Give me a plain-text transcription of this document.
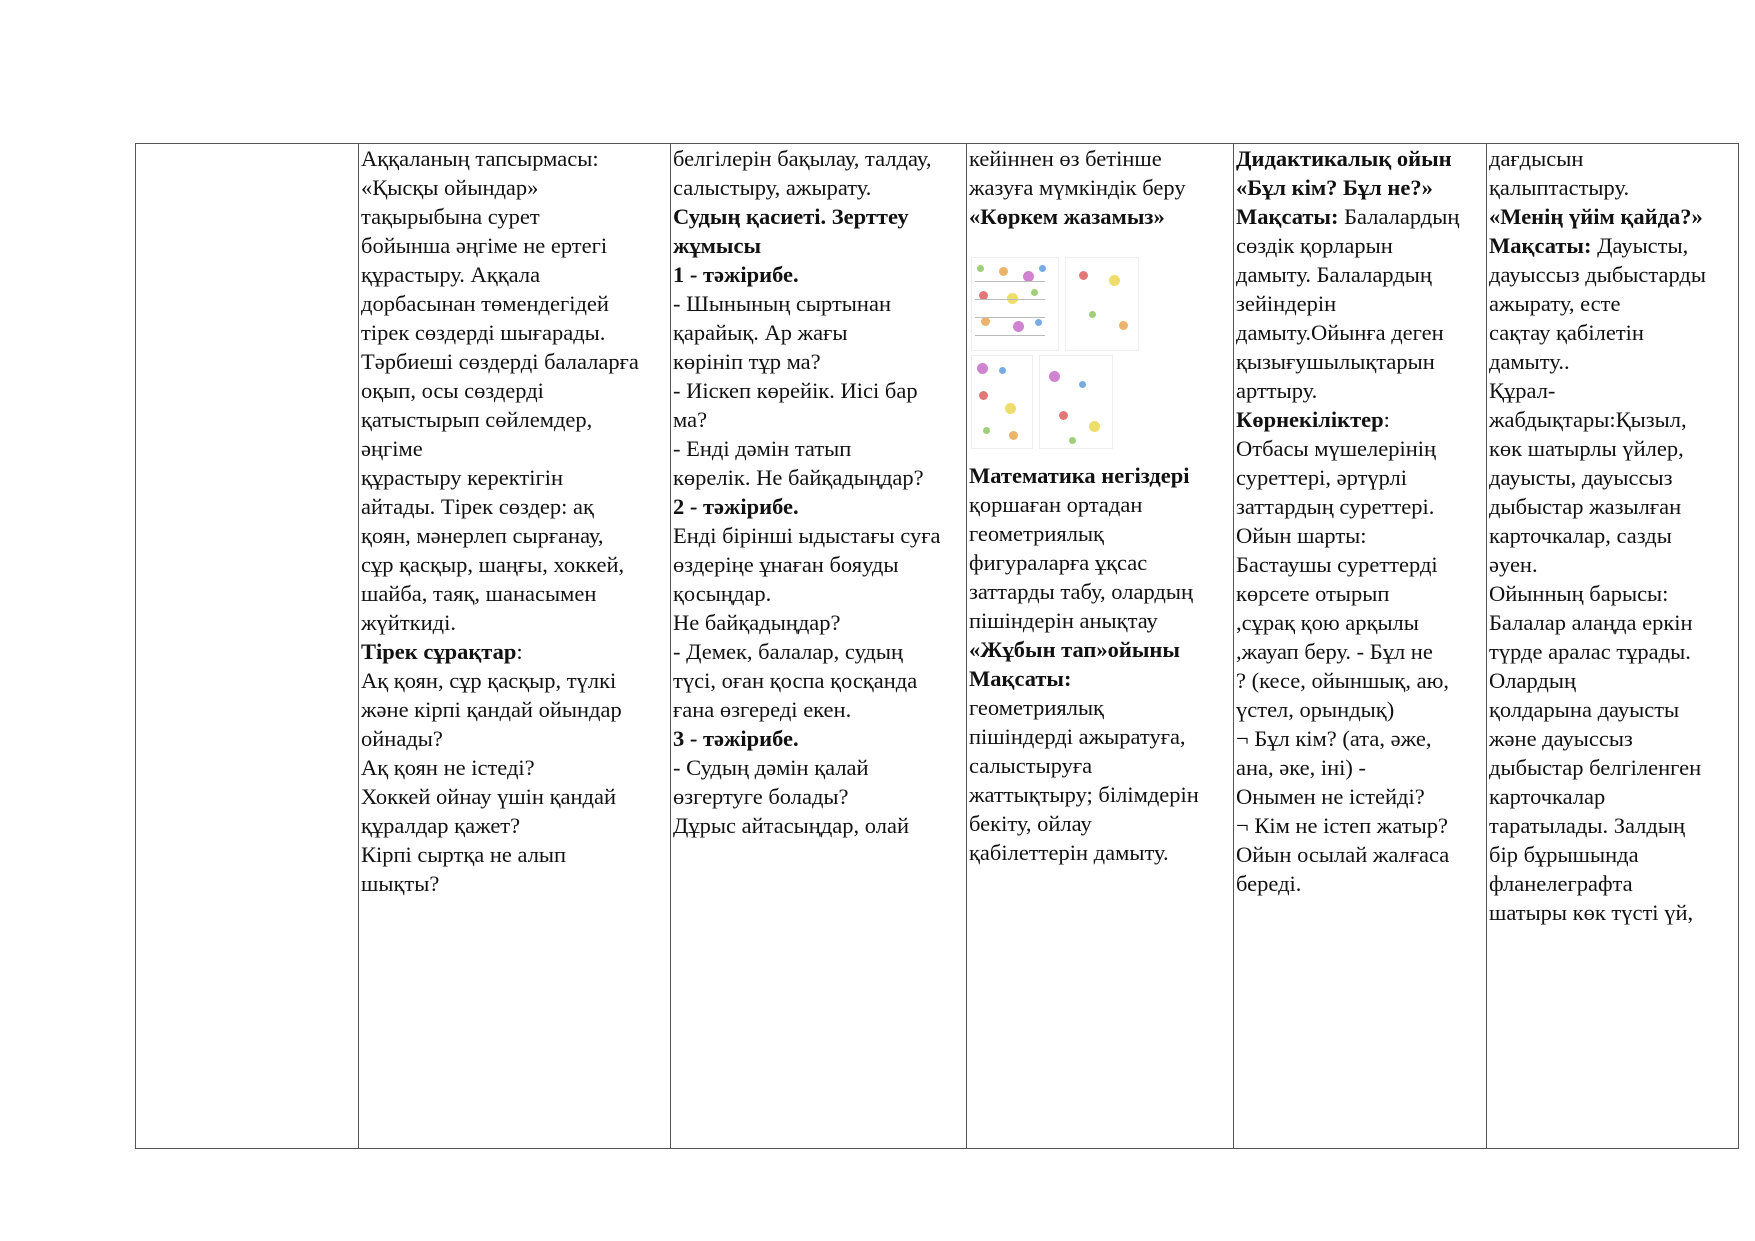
Аққаланың тапсырмасы:
«Қысқы ойындар»
тақырыбына сурет
бойынша әңгіме не ертегі
құрастыру. Аққала
дорбасынан төмендегідей
тірек сөздерді шығарады.
Тәрбиеші сөздерді балаларға
оқып, осы сөздерді
қатыстырып сөйлемдер,
әңгіме
құрастыру керектігін
айтады. Тірек сөздер: ақ
қоян, мәнерлеп сырғанау,
сұр қасқыр, шаңғы, хоккей,
шайба, таяқ, шанасымен
жүйткиді.
Тірек сұрақтар:
Ақ қоян, сұр қасқыр, түлкі
және кірпі қандай ойындар
ойнады?
Ақ қоян не істеді?
Хоккей ойнау үшін қандай
құралдар қажет?
Кірпі сыртқа не алып
шықты?
белгілерін бақылау, талдау,
салыстыру, ажырату.
Судың қасиеті. Зерттеу
жұмысы
1 - тәжірибе.
- Шынының сыртынан
қарайық. Ар жағы
көрініп тұр ма?
- Иіскеп көрейік. Иісі бар
ма?
- Енді дәмін татып
көрелік. Не байқадыңдар?
2 - тәжірибе.
Енді бірінші ыдыстағы суға
өздеріңе ұнаған бояуды
қосыңдар.
Не байқадыңдар?
- Демек, балалар, судың
түсі, оған қоспа қосқанда
ғана өзгереді екен.
3 - тәжірибе.
- Судың дәмін қалай
өзгертуге болады?
Дұрыс айтасыңдар, олай
кейіннен өз бетінше
жазуға мүмкіндік беру
«Көркем жазамыз»
Математика негіздері
қоршаған ортадан
геометриялық
фигураларға ұқсас
заттарды табу, олардың
пішіндерін анықтау
«Жұбын тап»ойыны
Мақсаты:
геометриялық
пішіндерді ажыратуға,
салыстыруға
жаттықтыру; білімдерін
бекіту, ойлау
қабілеттерін дамыту.
Дидактикалық ойын
«Бұл кім? Бұл не?»
Мақсаты: Балалардың
сөздік қорларын
дамыту. Балалардың
зейіндерін
дамыту.Ойынға деген
қызығушылықтарын
арттыру.
Көрнекіліктер:
Отбасы мүшелерінің
суреттері, әртүрлі
заттардың суреттері.
Ойын шарты:
Бастаушы суреттерді
көрсете отырып
,сұрақ қою арқылы
,жауап беру. - Бұл не
? (кесе, ойыншық, аю,
үстел, орындық)
¬ Бұл кім? (ата, әже,
ана, әке, іні) -
Онымен не істейді?
¬ Кім не істеп жатыр?
Ойын осылай жалғаса
береді.
дағдысын
қалыптастыру.
«Менің үйім қайда?»
Мақсаты: Дауысты,
дауыссыз дыбыстарды
ажырату, есте
сақтау қабілетін
дамыту..
Құрал-
жабдықтары:Қызыл,
көк шатырлы үйлер,
дауысты, дауыссыз
дыбыстар жазылған
карточкалар, сазды
әуен.
Ойынның барысы:
Балалар алаңда еркін
түрде аралас тұрады.
Олардың
қолдарына дауысты
және дауыссыз
дыбыстар белгіленген
карточкалар
таратылады. Залдың
бір бұрышында
фланелеграфта
шатыры көк түсті үй,
